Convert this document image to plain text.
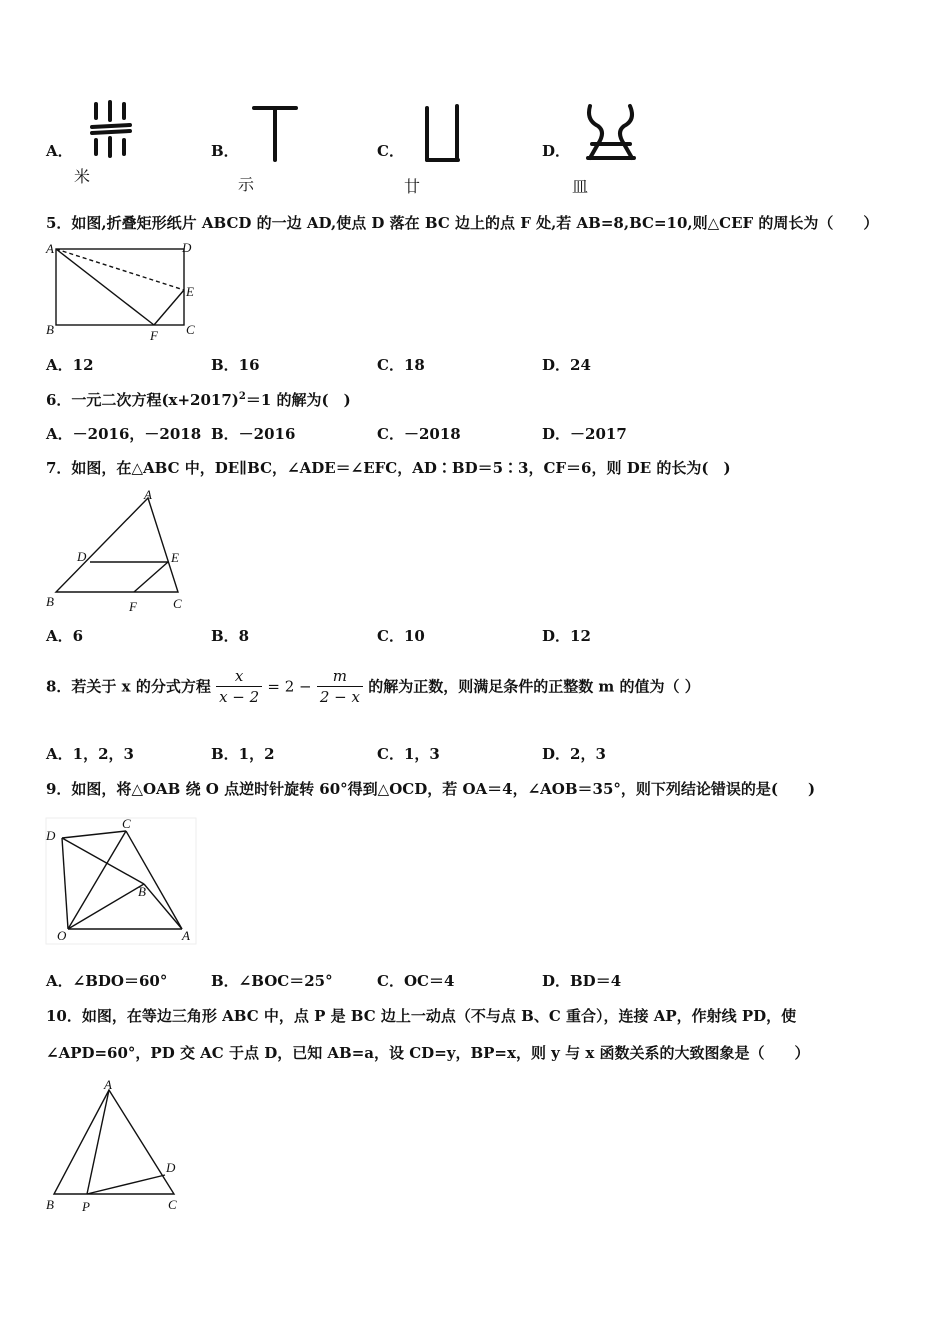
A．
米
B．
示
C．
廿
D．
皿
5．如图,折叠矩形纸片 ABCD 的一边 AD,使点 D 落在 BC 边上的点 F 处,若 AB=8,BC=10,则△CEF 的周长为（　　）
A	D
E
B	F C
A．12	B．16	C．18	D．24
6．一元二次方程$(x+2017)^2=1$ 的解为(　)
A．－2016，－2018 B．－2016	C．－2018	D．－2017
7．如图，在△ABC 中，DE∥BC，∠ADE＝∠EFC，AD∶BD＝5∶3，CF＝6，则 DE 的长为(　)
A
D	E
B	F	C
A．6	B．8	C．10	D．12
8．若关于 x 的分式方程 $\frac{x}{x - 2} = 2 - \frac{m}{2 - x}$ 的解为正数，则满足条件的正整数 m 的值为（ ）
A．1，2，3	B．1，2	C．1，3	D．2，3
9．如图，将△OAB 绕 O 点逆时针旋转 60°得到△OCD，若 OA＝4，∠AOB＝35°，则下列结论错误的是(　　)
D
C
B
O	A
A．∠BDO＝60°	B．∠BOC＝25°	C．OC＝4	D．BD＝4
10．如图，在等边三角形 ABC 中，点 P 是 BC 边上一动点（不与点 B、C 重合），连接 AP，作射线 PD，使
∠APD=60°，PD 交 AC 于点 D，已知 AB=a，设 CD=y，BP=x，则 y 与 x 函数关系的大致图象是（　　）
A
D
B P	C
